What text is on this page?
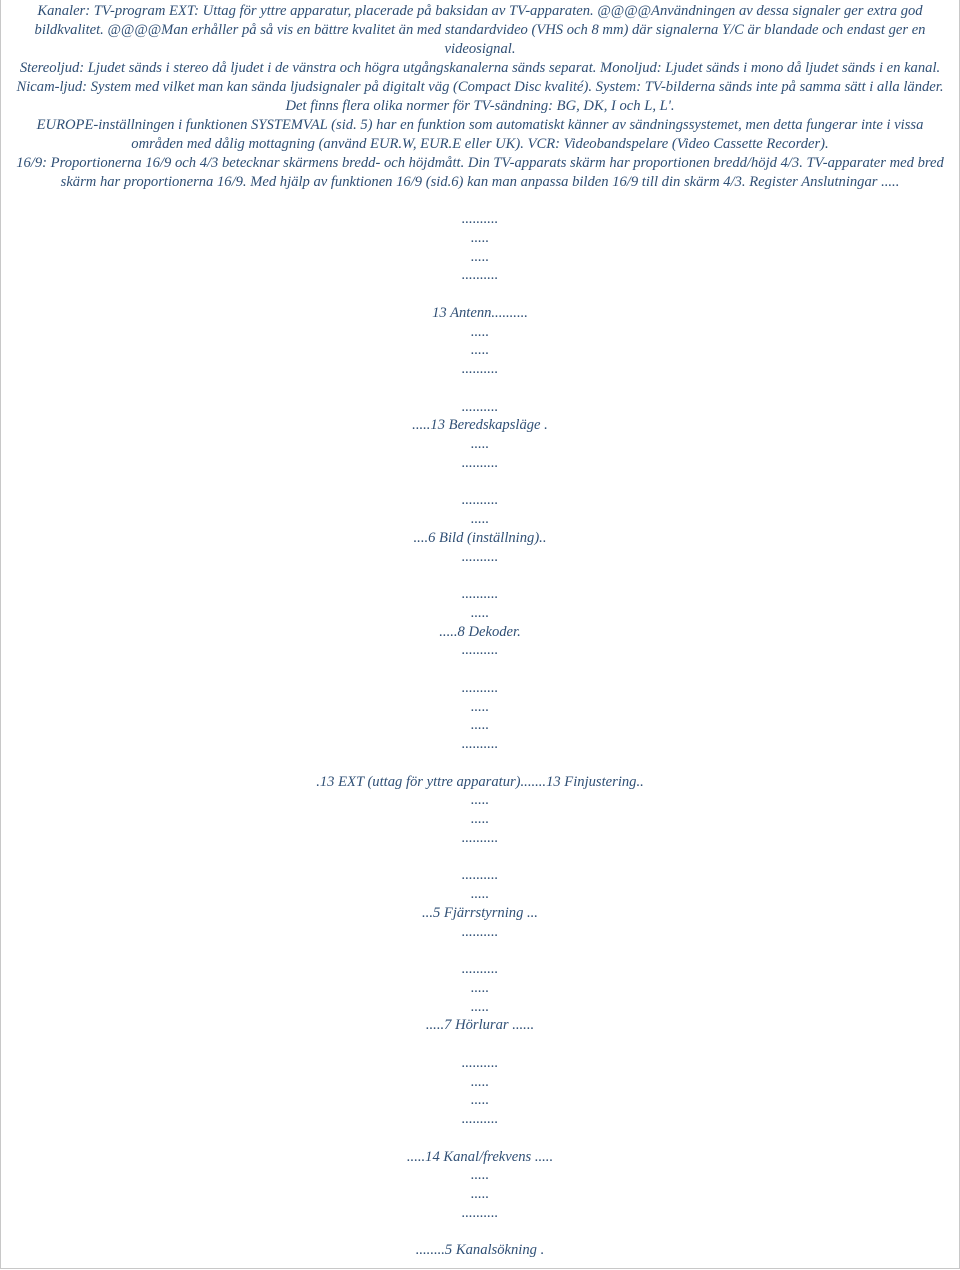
Kanaler: TV-program EXT: Uttag för yttre apparatur, placerade på baksidan av TV-apparaten. @@@@Användningen av dessa signaler ger extra god bildkvalitet. @@@@Man erhåller på så vis en bättre kvalitet än med standardvideo (VHS och 8 mm) där signalerna Y/C är blandade och endast ger en videosignal.

Stereoljud: Ljudet sänds i stereo då ljudet i de vänstra och högra utgångskanalerna sänds separat. Monoljud: Ljudet sänds i mono då ljudet sänds i en kanal. Nicam-ljud: System med vilket man kan sända ljudsignaler på digitalt väg (Compact Disc kvalité). System: TV-bilderna sänds inte på samma sätt i alla länder. Det finns flera olika normer för TV-sändning: BG, DK, I och L, L'.

EUROPE-inställningen i funktionen SYSTEMVAL (sid. 5) har en funktion som automatiskt känner av sändningssystemet, men detta fungerar inte i vissa områden med dålig mottagning (använd EUR.W, EUR.E eller UK). VCR: Videobandspelare (Video Cassette Recorder).

16/9: Proportionerna 16/9 och 4/3 betecknar skärmens bredd- och höjdmått. Din TV-apparats skärm har proportionen bredd/höjd 4/3. TV-apparater med bred skärm har proportionerna 16/9. Med hjälp av funktionen 16/9 (sid.6) kan man anpassa bilden 16/9 till din skärm 4/3. Register Anslutningar .....

..........
.....
.....
..........
13 Antenn..........
.....
.....
..........
..........
.....13 Beredskapsläge .
.....
..........
..........
.....
....6 Bild (inställning)..
..........
..........
.....
.....8 Dekoder.
..........
..........
.....
.....
..........
.13 EXT (uttag för yttre apparatur).......13 Finjustering..
.....
.....
..........
..........
.....
...5 Fjärrstyrning ...
..........
..........
.....
.....
.....7 Hörlurar ......
..........
.....
.....
..........
.....14 Kanal/frekvens .....
.....
.....
..........
........5 Kanalsökning .
